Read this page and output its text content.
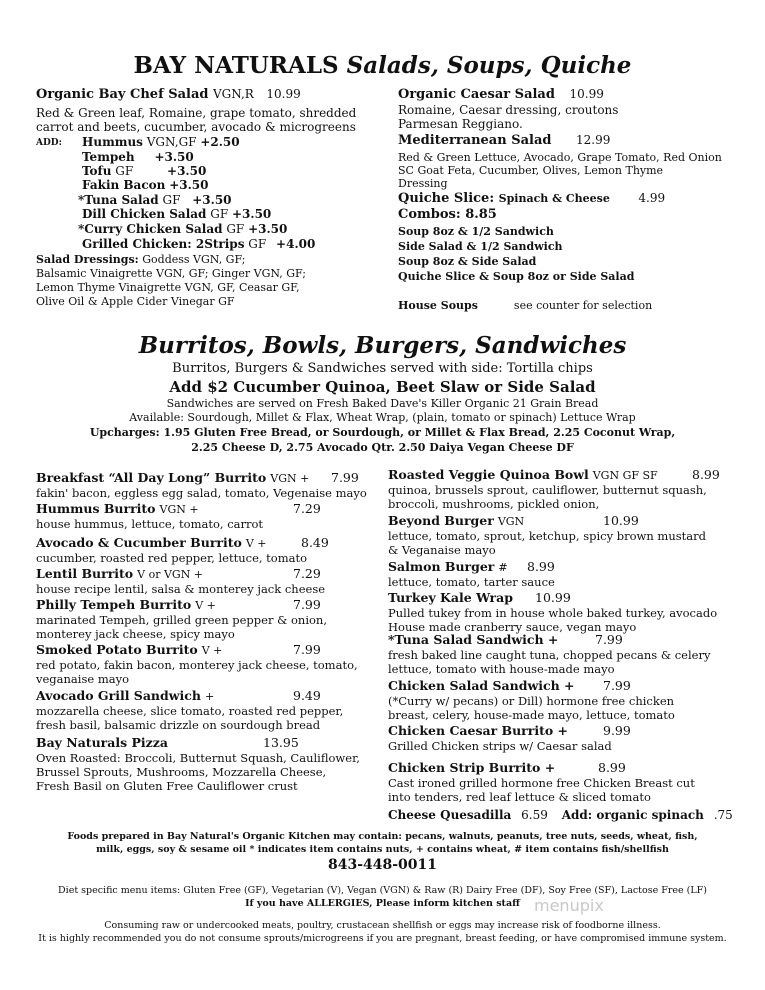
BAY NATURALS Salads, Soups, Quiche
Organic Bay Chef Salad VGN,R 10.99
Red & Green leaf, Romaine, grape tomato, shredded
carrot and beets, cucumber, avocado & microgreens
ADD: Hummus VGN,GF +2.50
Tempeh +3.50
Tofu GF	+3.50
Fakin Bacon +3.50
*Tuna Salad GF +3.50
Dill Chicken Salad GF +3.50
*Curry Chicken Salad GF +3.50
Grilled Chicken: 2Strips GF +4.00
Salad Dressings: Goddess VGN, GF;
Balsamic Vinaigrette VGN, GF; Ginger VGN, GF;
Lemon Thyme Vinaigrette VGN, GF, Ceasar GF,
Olive Oil & Apple Cider Vinegar GF
Organic Caesar Salad 10.99
Romaine, Caesar dressing, croutons
Parmesan Reggiano.
Mediterranean Salad 12.99
Red & Green Lettuce, Avocado, Grape Tomato, Red Onion
SC Goat Feta, Cucumber, Olives, Lemon Thyme
Dressing
Quiche Slice: Spinach & Cheese 4.99
Combos: 8.85
Soup 8oz & 1/2 Sandwich
Side Salad & 1/2 Sandwich
Soup 8oz & Side Salad
Quiche Slice & Soup 8oz or Side Salad
House Soups	see counter for selection
Burritos, Bowls, Burgers, Sandwiches
Burritos, Burgers & Sandwiches served with side: Tortilla chips
Add $2 Cucumber Quinoa, Beet Slaw or Side Salad
Sandwiches are served on Fresh Baked Dave's Killer Organic 21 Grain Bread
Available: Sourdough, Millet & Flax, Wheat Wrap, (plain, tomato or spinach) Lettuce Wrap
Upcharges: 1.95 Gluten Free Bread, or Sourdough, or Millet & Flax Bread, 2.25 Coconut Wrap,
2.25 Cheese D, 2.75 Avocado Qtr. 2.50 Daiya Vegan Cheese DF
Breakfast “All Day Long” Burrito VGN + 7.99
fakin' bacon, eggless egg salad, tomato, Vegenaise mayo
Hummus Burrito VGN +	7.29
house hummus, lettuce, tomato, carrot
Avocado & Cucumber Burrito V +	8.49
cucumber, roasted red pepper, lettuce, tomato
Lentil Burrito V or VGN +	7.29
house recipe lentil, salsa & monterey jack cheese
Philly Tempeh Burrito V +	7.99
marinated Tempeh, grilled green pepper & onion,
monterey jack cheese, spicy mayo
Smoked Potato Burrito V +	7.99
red potato, fakin bacon, monterey jack cheese, tomato,
veganaise mayo
Avocado Grill Sandwich +	9.49
mozzarella cheese, slice tomato, roasted red pepper,
fresh basil, balsamic drizzle on sourdough bread
Bay Naturals Pizza	13.95
Oven Roasted: Broccoli, Butternut Squash, Cauliflower,
Brussel Sprouts, Mushrooms, Mozzarella Cheese,
Fresh Basil on Gluten Free Cauliflower crust
Roasted Veggie Quinoa Bowl VGN GF SF	8.99
quinoa, brussels sprout, cauliflower, butternut squash,
broccoli, mushrooms, pickled onion,
Beyond Burger VGN	10.99
lettuce, tomato, sprout, ketchup, spicy brown mustard
& Veganaise mayo
Salmon Burger # 8.99
lettuce, tomato, tarter sauce
Turkey Kale Wrap	10.99
Pulled tukey from in house whole baked turkey, avocado
House made cranberry sauce, vegan mayo
*Tuna Salad Sandwich +	7.99
fresh baked line caught tuna, chopped pecans & celery
lettuce, tomato with house-made mayo
Chicken Salad Sandwich +	7.99
(*Curry w/ pecans) or Dill) hormone free chicken
breast, celery, house-made mayo, lettuce, tomato
Chicken Caesar Burrito +	9.99
Grilled Chicken strips w/ Caesar salad
Chicken Strip Burrito +	8.99
Cast ironed grilled hormone free Chicken Breast cut
into tenders, red leaf lettuce & sliced tomato
Cheese Quesadilla 6.59 Add: organic spinach .75
Foods prepared in Bay Natural's Organic Kitchen may contain: pecans, walnuts, peanuts, tree nuts, seeds, wheat, fish,
milk, eggs, soy & sesame oil * indicates item contains nuts, + contains wheat, # item contains fish/shellfish
843-448-0011
Diet specific menu items: Gluten Free (GF), Vegetarian (V), Vegan (VGN) & Raw (R) Dairy Free (DF), Soy Free (SF), Lactose Free (LF)
If you have ALLERGIES, Please inform kitchen staff
Consuming raw or undercooked meats, poultry, crustacean shellfish or eggs may increase risk of foodborne illness.
It is highly recommended you do not consume sprouts/microgreens if you are pregnant, breast feeding, or have compromised immune system.
menupix
